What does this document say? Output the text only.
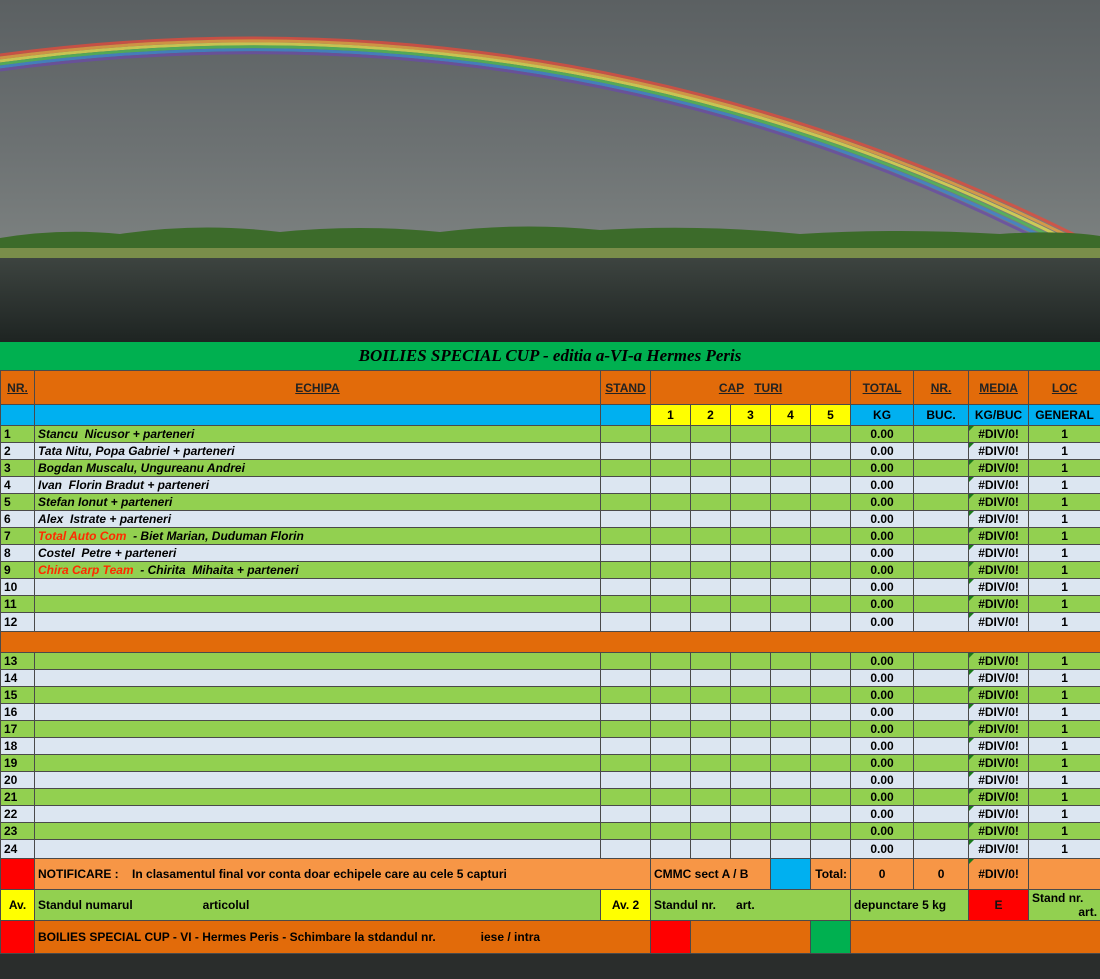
BOILIES SPECIAL CUP - editia a-VI-a Hermes Peris
NR.	ECHIPA	STAND	CAP TURI					TOTAL	NR.	MEDIA	LOC
			1	2	3	4	5	KG	BUC.	KG/BUC	GENERAL
1	Stancu  Nicusor + parteneri							0.00		#DIV/0!	1
2	Tata Nitu, Popa Gabriel + parteneri							0.00		#DIV/0!	1
3	Bogdan Muscalu, Ungureanu Andrei							0.00		#DIV/0!	1
4	Ivan  Florin Bradut + parteneri							0.00		#DIV/0!	1
5	Stefan Ionut + parteneri							0.00		#DIV/0!	1
6	Alex  Istrate + parteneri							0.00		#DIV/0!	1
7	Total Auto Com  - Biet Marian, Duduman Florin							0.00		#DIV/0!	1
8	Costel  Petre + parteneri							0.00		#DIV/0!	1
9	Chira Carp Team  - Chirita  Mihaita + parteneri							0.00		#DIV/0!	1
10								0.00		#DIV/0!	1
11								0.00		#DIV/0!	1
12								0.00		#DIV/0!	1

13								0.00		#DIV/0!	1
14								0.00		#DIV/0!	1
15								0.00		#DIV/0!	1
16								0.00		#DIV/0!	1
17								0.00		#DIV/0!	1
18								0.00		#DIV/0!	1
19								0.00		#DIV/0!	1
20								0.00		#DIV/0!	1
21								0.00		#DIV/0!	1
22								0.00		#DIV/0!	1
23								0.00		#DIV/0!	1
24								0.00		#DIV/0!	1
	NOTIFICARE : In clasamentul final vor conta doar echipele care au cele 5 capturi		CMMC sect A / B				Total:	0	0	#DIV/0!	
Av.	Standul numarul articolul	Av. 2	Standul nr. art.					depunctare 5 kg		E	Stand nr.
art.

	BOILIES SPECIAL CUP - VI - Hermes Peris - Schimbare la stdandul nr. iese / intra										
